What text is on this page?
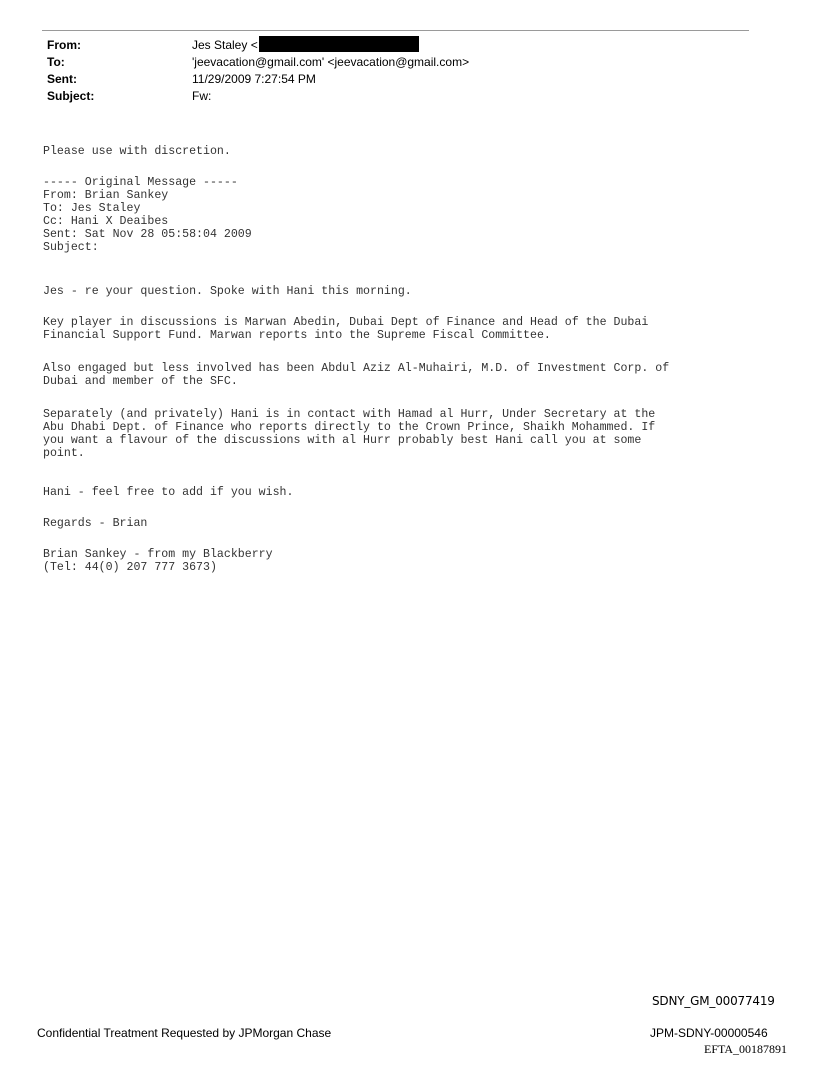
From:	Jes Staley <
To:	'jeevacation@gmail.com' <jeevacation@gmail.com>
Sent:	11/29/2009 7:27:54 PM
Subject:	Fw:
Please use with discretion.
----- Original Message -----
From: Brian Sankey
To: Jes Staley
Cc: Hani X Deaibes
Sent: Sat Nov 28 05:58:04 2009
Subject:
Jes - re your question. Spoke with Hani this morning.
Key player in discussions is Marwan Abedin, Dubai Dept of Finance and Head of the Dubai
Financial Support Fund. Marwan reports into the Supreme Fiscal Committee.
Also engaged but less involved has been Abdul Aziz Al-Muhairi, M.D. of Investment Corp. of
Dubai and member of the SFC.
Separately (and privately) Hani is in contact with Hamad al Hurr, Under Secretary at the
Abu Dhabi Dept. of Finance who reports directly to the Crown Prince, Shaikh Mohammed. If
you want a flavour of the discussions with al Hurr probably best Hani call you at some
point.
Hani - feel free to add if you wish.
Regards - Brian
Brian Sankey - from my Blackberry
(Tel: 44(0) 207 777 3673)
SDNY_GM_00077419
Confidential Treatment Requested by JPMorgan Chase	JPM-SDNY-00000546
EFTA_00187891
